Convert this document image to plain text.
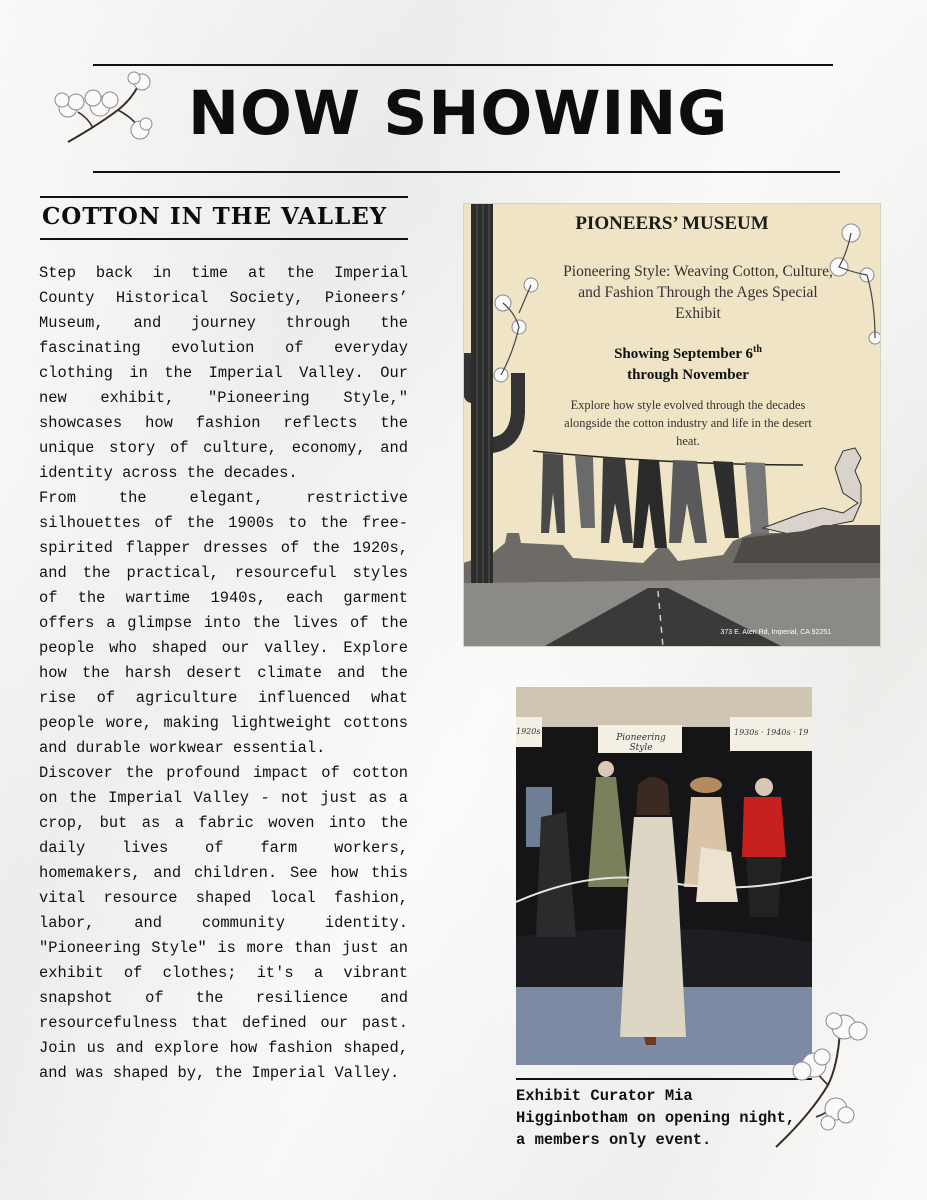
NOW SHOWING
COTTON IN THE VALLEY

Step back in time at the Imperial County Historical Society, Pioneers’ Museum, and journey through the fascinating evolution of everyday clothing in the Imperial Valley. Our new exhibit, "Pioneering Style," showcases how fashion reflects the unique story of culture, economy, and identity across the decades.

From the elegant, restrictive silhouettes of the 1900s to the free-spirited flapper dresses of the 1920s, and the practical, resourceful styles of the wartime 1940s, each garment offers a glimpse into the lives of the people who shaped our valley. Explore how the harsh desert climate and the rise of agriculture influenced what people wore, making lightweight cottons and durable workwear essential.

Discover the profound impact of cotton on the Imperial Valley - not just as a crop, but as a fabric woven into the daily lives of farm workers, homemakers, and children. See how this vital resource shaped local fashion, labor, and community identity. "Pioneering Style" is more than just an exhibit of clothes; it's a vibrant snapshot of the resilience and resourcefulness that defined our past. Join us and explore how fashion shaped, and was shaped by, the Imperial Valley.

PIONEERS’ MUSEUM
Pioneering Style: Weaving Cotton, Culture, and Fashion Through the Ages Special Exhibit
Showing September 6th
through November
Explore how style evolved through the decades alongside the cotton industry and life in the desert heat.
373 E. Aten Rd, Imperial, CA 92251
1920s
Pioneering Style
1930s · 1940s · 19
Exhibit Curator Mia Higginbotham on opening night, a members only event.
